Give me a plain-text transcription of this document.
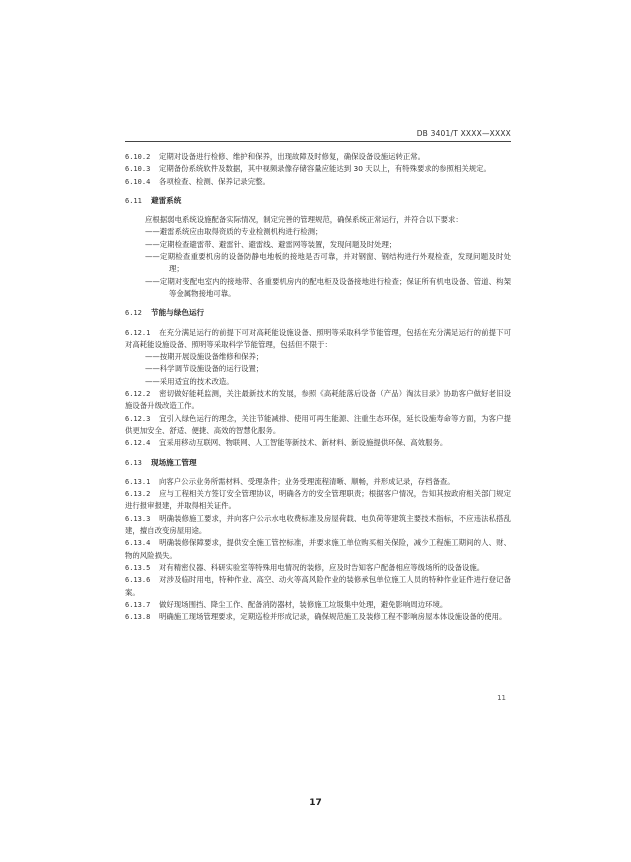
DB 3401/T XXXX—XXXX

6.10.2 定期对设备进行检修、维护和保养，出现故障及时修复，确保设备设施运转正常。

6.10.3 定期备份系统软件及数据，其中视频录像存储容量应能达到 30 天以上，有特殊要求的参照相关规定。

6.10.4 各项检查、检测、保养记录完整。

6.11 避雷系统

应根据弱电系统设施配备实际情况，制定完善的管理规范，确保系统正常运行，并符合以下要求：

——避雷系统应由取得资质的专业检测机构进行检测；

——定期检查避雷带、避雷针、避雷线、避雷网等装置，发现问题及时处理；

——定期检查重要机房的设备防静电地板的接地是否可靠，并对钢窗、钢结构进行外观检查，发现问题及时处理；

——定期对变配电室内的接地带、各重要机房内的配电柜及设备接地进行检查；保证所有机电设备、管道、构架等金属物接地可靠。

6.12 节能与绿色运行

6.12.1 在充分满足运行的前提下可对高耗能设施设备、照明等采取科学节能管理，包括在充分满足运行的前提下可对高耗能设施设备、照明等采取科学节能管理，包括但不限于：

——按期开展设施设备维修和保养；

——科学调节设施设备的运行设置；

——采用适宜的技术改造。

6.12.2 密切做好能耗监测，关注最新技术的发展，参照《高耗能落后设备（产品）淘汰目录》协助客户做好老旧设施设备升级改造工作。

6.12.3 宜引入绿色运行的理念，关注节能减排、使用可再生能源、注重生态环保，延长设施寿命等方面，为客户提供更加安全、舒适、便捷、高效的智慧化服务。

6.12.4 宜采用移动互联网、物联网、人工智能等新技术、新材料、新设施提供环保、高效服务。

6.13 现场施工管理

6.13.1 向客户公示业务所需材料、受理条件；业务受理流程清晰、顺畅，并形成记录，存档备查。

6.13.2 应与工程相关方签订安全管理协议，明确各方的安全管理职责；根据客户情况，告知其按政府相关部门规定进行报审报建，并取得相关证件。

6.13.3 明确装修施工要求，并向客户公示水电收费标准及房屋荷载、电负荷等建筑主要技术指标，不应违法私搭乱建，擅自改变房屋用途。

6.13.4 明确装修保障要求，提供安全施工管控标准，并要求施工单位购买相关保险，减少工程施工期间的人、财、物的风险损失。

6.13.5 对有精密仪器、科研实验室等特殊用电情况的装修，应及时告知客户配备相应等级场所的设备设施。

6.13.6 对涉及临时用电，特种作业、高空、动火等高风险作业的装修承包单位施工人员的特种作业证件进行登记备案。

6.13.7 做好现场围挡、降尘工作、配备消防器材，装修施工垃圾集中处理，避免影响周边环境。

6.13.8 明确施工现场管理要求，定期巡检并形成记录，确保规范施工及装修工程不影响房屋本体设施设备的使用。

11
17
